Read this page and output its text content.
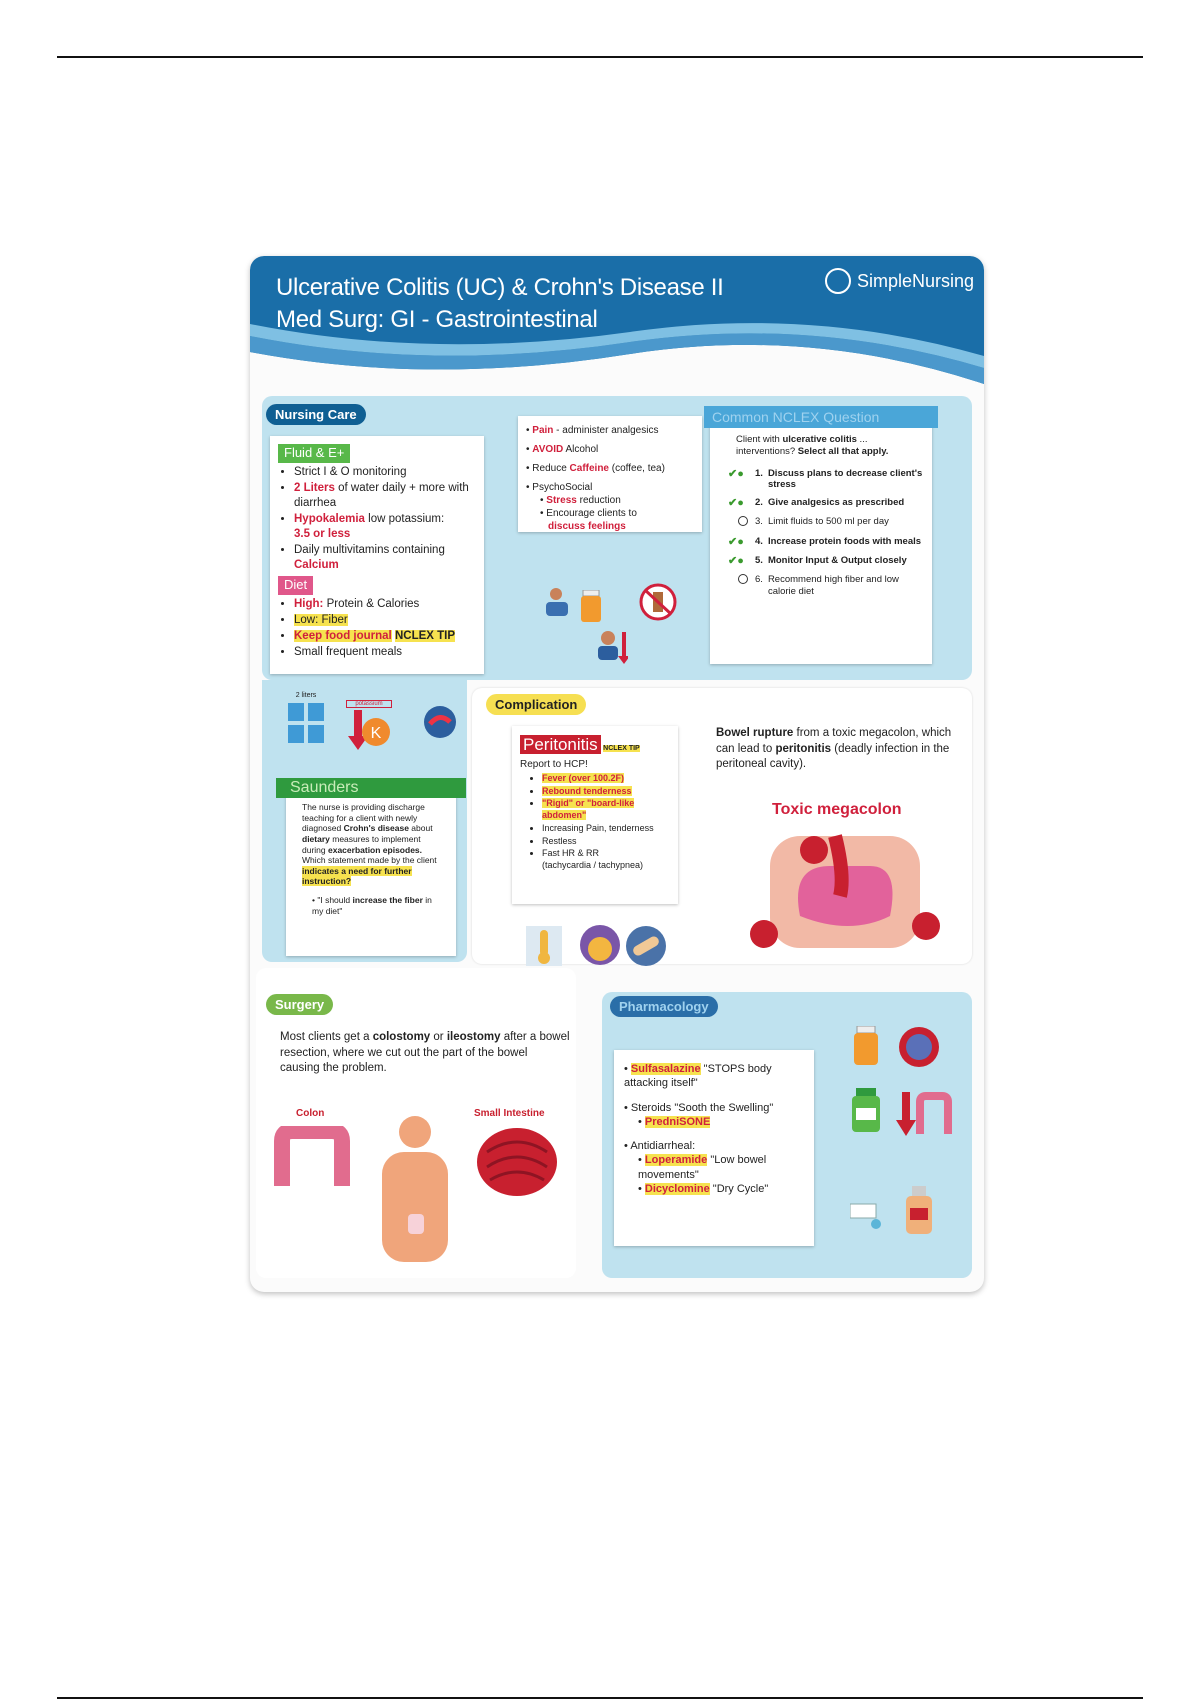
Ulcerative Colitis (UC) & Crohn's Disease II
Med Surg: GI - Gastrointestinal
SimpleNursing
Nursing Care
Fluid & E+
• Strict I & O monitoring
• 2 Liters of water daily + more with diarrhea
• Hypokalemia low potassium:
3.5 or less
• Daily multivitamins containing Calcium
Diet
• High: Protein & Calories
• Low: Fiber
• Keep food journal NCLEX TIP
• Small frequent meals
2 liters
potassium
K
• Pain - administer analgesics
• AVOID Alcohol
• Reduce Caffeine (coffee, tea)
• PsychoSocial
• Stress reduction
• Encourage clients to
discuss feelings
Common NCLEX Question
Client with ulcerative colitis ... interventions? Select all that apply.
✔●	1. Discuss plans to decrease client's stress
✔●	2. Give analgesics as prescribed
3. Limit fluids to 500 ml per day
✔●	4. Increase protein foods with meals
✔●	5. Monitor Input & Output closely
6. Recommend high fiber and low calorie diet
Saunders
The nurse is providing discharge teaching for a client with newly diagnosed Crohn's disease about dietary measures to implement during exacerbation episodes. Which statement made by the client indicates a need for further instruction?
• "I should increase the fiber in my diet"
Complication
Peritonitis NCLEX TIP
Report to HCP!
• Fever (over 100.2F)
• Rebound tenderness
• "Rigid" or "board-like abdomen"
• Increasing Pain, tenderness
• Restless
• Fast HR & RR
(tachycardia / tachypnea)
Bowel rupture from a toxic megacolon, which can lead to peritonitis (deadly infection in the peritoneal cavity).
Toxic megacolon
Surgery
Most clients get a colostomy or ileostomy after a bowel resection, where we cut out the part of the bowel causing the problem.
Colon	Small Intestine
Pharmacology
• Sulfasalazine "STOPS body attacking itself"
• Steroids "Sooth the Swelling"
• PredniSONE
• Antidiarrheal:
• Loperamide "Low bowel movements"
• Dicyclomine "Dry Cycle"
